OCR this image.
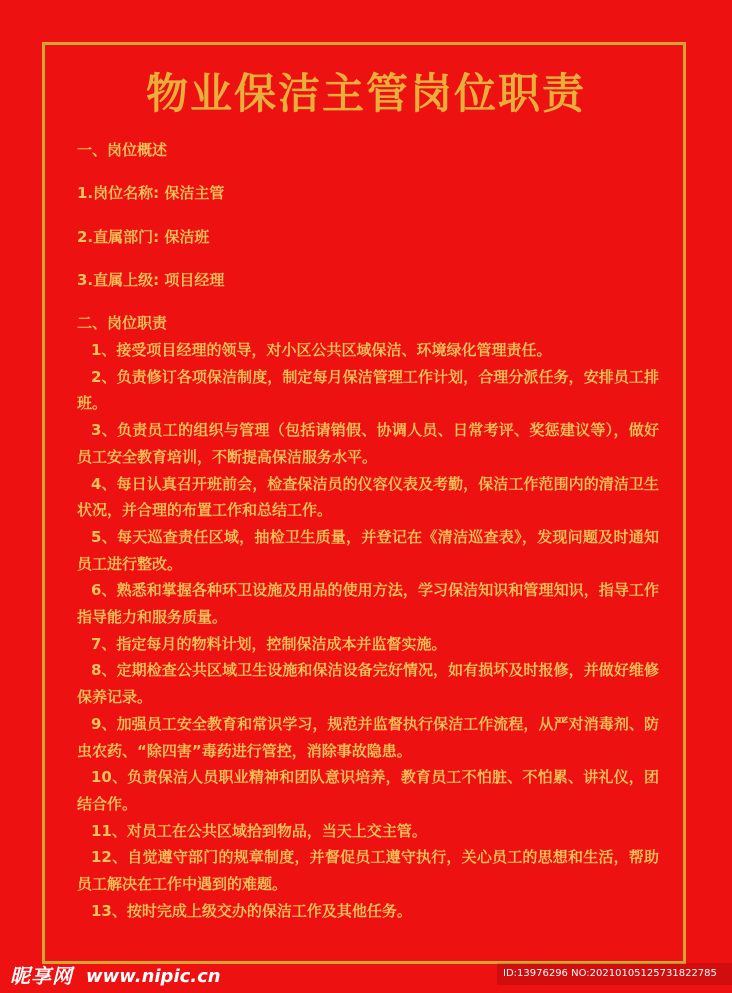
物业保洁主管岗位职责
一、岗位概述
1.岗位名称: 保洁主管
2.直属部门: 保洁班
3.直属上级: 项目经理
二、岗位职责
1、接受项目经理的领导，对小区公共区域保洁、环境绿化管理责任。
2、负责修订各项保洁制度，制定每月保洁管理工作计划，合理分派任务，安排员工排班。
3、负责员工的组织与管理（包括请销假、协调人员、日常考评、奖惩建议等），做好员工安全教育培训，不断提高保洁服务水平。
4、每日认真召开班前会，检查保洁员的仪容仪表及考勤，保洁工作范围内的清洁卫生状况，并合理的布置工作和总结工作。
5、每天巡查责任区域，抽检卫生质量，并登记在《清洁巡查表》，发现问题及时通知员工进行整改。
6、熟悉和掌握各种环卫设施及用品的使用方法，学习保洁知识和管理知识，指导工作指导能力和服务质量。
7、指定每月的物料计划，控制保洁成本并监督实施。
8、定期检查公共区域卫生设施和保洁设备完好情况，如有损坏及时报修，并做好维修保养记录。
9、加强员工安全教育和常识学习，规范并监督执行保洁工作流程，从严对消毒剂、防虫农药、“除四害”毒药进行管控，消除事故隐患。
10、负责保洁人员职业精神和团队意识培养，教育员工不怕脏、不怕累、讲礼仪，团结合作。
11、对员工在公共区域拾到物品，当天上交主管。
12、自觉遵守部门的规章制度，并督促员工遵守执行，关心员工的思想和生活，帮助员工解决在工作中遇到的难题。
13、按时完成上级交办的保洁工作及其他任务。
昵享网 www.nipic.cn	ID:13976296 NO:20210105125731822785
